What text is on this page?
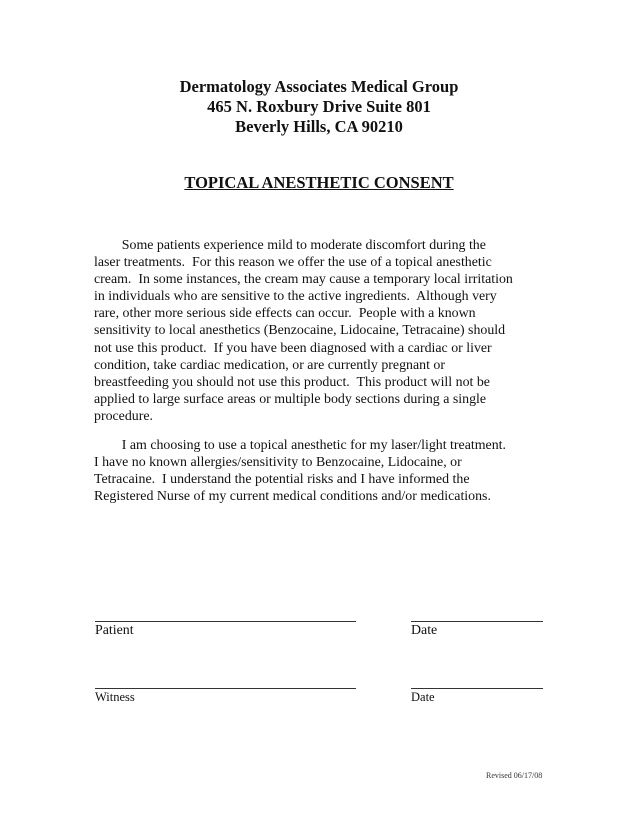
Dermatology Associates Medical Group
465 N. Roxbury Drive Suite 801
Beverly Hills, CA 90210
TOPICAL ANESTHETIC CONSENT
Some patients experience mild to moderate discomfort during the
laser treatments.  For this reason we offer the use of a topical anesthetic
cream.  In some instances, the cream may cause a temporary local irritation
in individuals who are sensitive to the active ingredients.  Although very
rare, other more serious side effects can occur.  People with a known
sensitivity to local anesthetics (Benzocaine, Lidocaine, Tetracaine) should
not use this product.  If you have been diagnosed with a cardiac or liver
condition, take cardiac medication, or are currently pregnant or
breastfeeding you should not use this product.  This product will not be
applied to large surface areas or multiple body sections during a single
procedure.
I am choosing to use a topical anesthetic for my laser/light treatment.
I have no known allergies/sensitivity to Benzocaine, Lidocaine, or
Tetracaine.  I understand the potential risks and I have informed the
Registered Nurse of my current medical conditions and/or medications.
Patient	Date
Witness	Date
Revised 06/17/08
